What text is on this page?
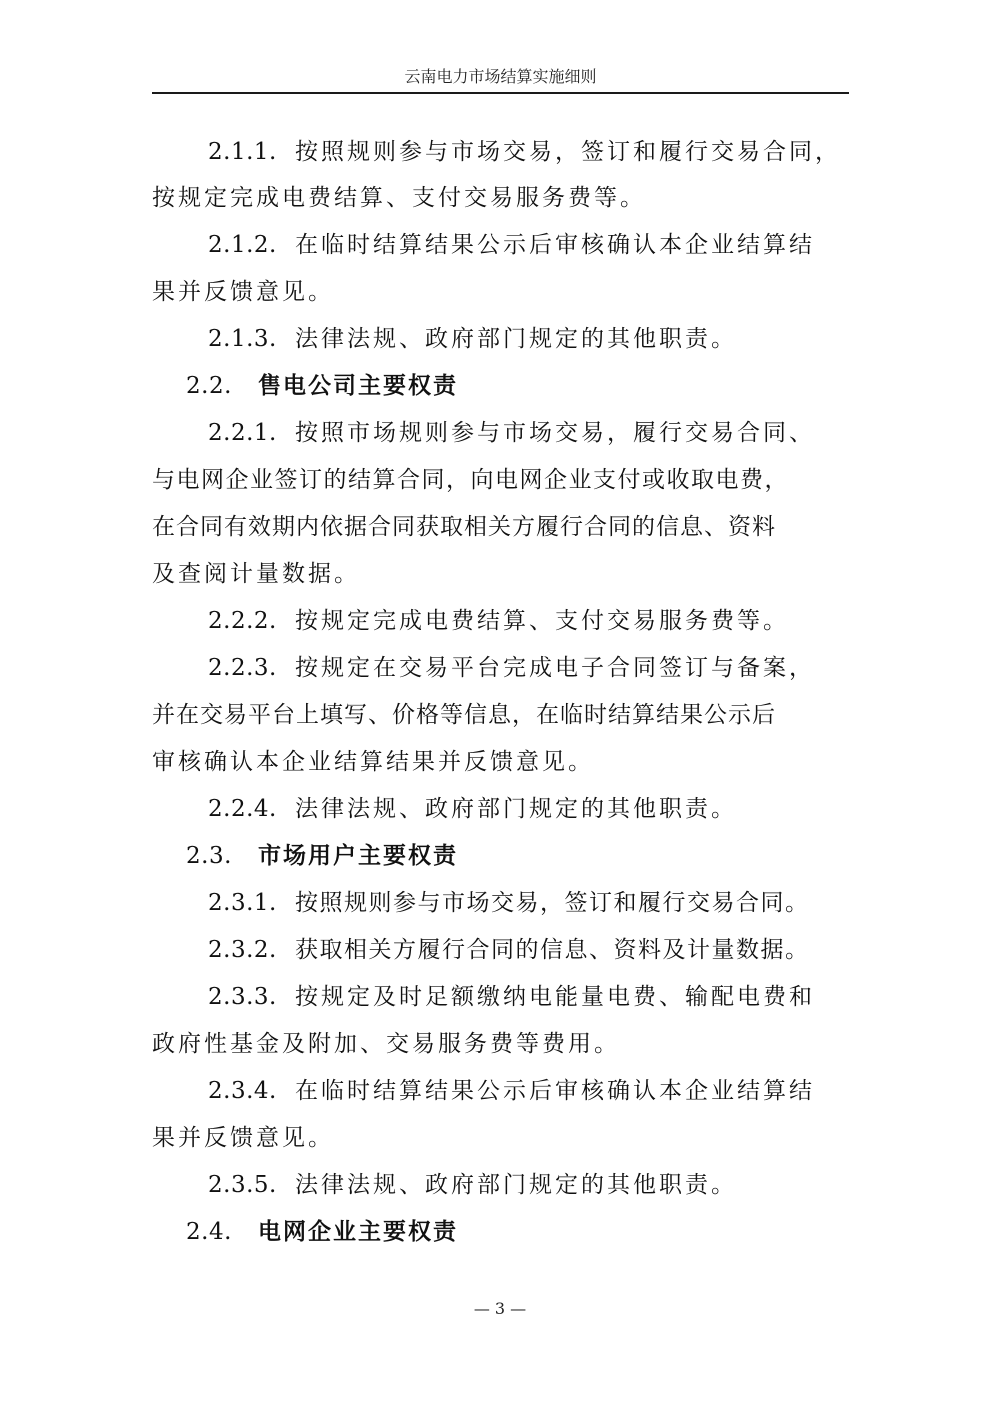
云南电力市场结算实施细则
2.1.1. 按照规则参与市场交易，签订和履行交易合同，
按规定完成电费结算、支付交易服务费等。
2.1.2. 在临时结算结果公示后审核确认本企业结算结
果并反馈意见。
2.1.3. 法律法规、政府部门规定的其他职责。
2.2. 售电公司主要权责
2.2.1. 按照市场规则参与市场交易，履行交易合同、
与电网企业签订的结算合同，向电网企业支付或收取电费，
在合同有效期内依据合同获取相关方履行合同的信息、资料
及查阅计量数据。
2.2.2. 按规定完成电费结算、支付交易服务费等。
2.2.3. 按规定在交易平台完成电子合同签订与备案，
并在交易平台上填写、价格等信息，在临时结算结果公示后
审核确认本企业结算结果并反馈意见。
2.2.4. 法律法规、政府部门规定的其他职责。
2.3. 市场用户主要权责
2.3.1. 按照规则参与市场交易，签订和履行交易合同。
2.3.2. 获取相关方履行合同的信息、资料及计量数据。
2.3.3. 按规定及时足额缴纳电能量电费、输配电费和
政府性基金及附加、交易服务费等费用。
2.3.4. 在临时结算结果公示后审核确认本企业结算结
果并反馈意见。
2.3.5. 法律法规、政府部门规定的其他职责。
2.4. 电网企业主要权责
— 3 —
